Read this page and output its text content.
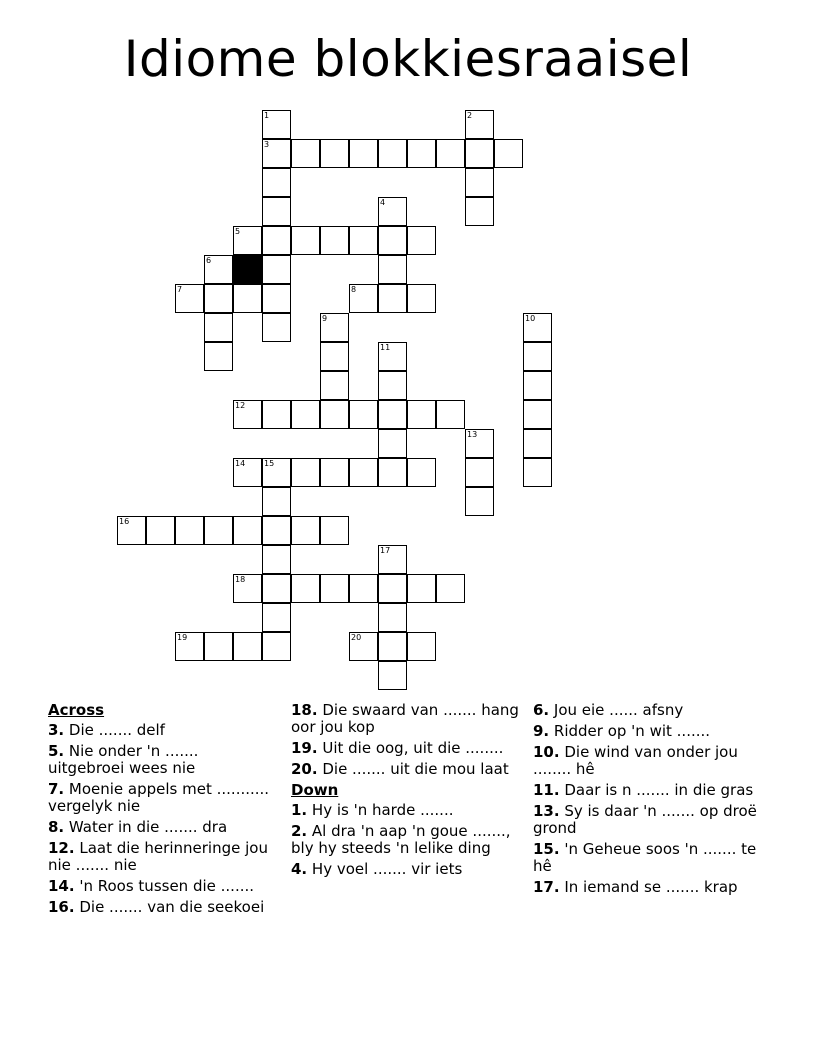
Idiome blokkiesraaisel
1	2
3
4
5
6
7	8
9	10
11
12
13
14 15
16
17
18
19	20
Across
3. Die ....... delf
5. Nie onder 'n ....... uitgebroei wees nie
7. Moenie appels met ........... vergelyk nie
8. Water in die ....... dra
12. Laat die herinneringe jou nie ....... nie
14. 'n Roos tussen die .......
16. Die ....... van die seekoei
18. Die swaard van ....... hang oor jou kop
19. Uit die oog, uit die ........
20. Die ....... uit die mou laat
Down
1. Hy is 'n harde .......
2. Al dra 'n aap 'n goue ......., bly hy steeds 'n lelike ding
4. Hy voel ....... vir iets
6. Jou eie ...... afsny
9. Ridder op 'n wit .......
10. Die wind van onder jou ........ hê
11. Daar is n ....... in die gras
13. Sy is daar 'n ....... op droë grond
15. 'n Geheue soos 'n ....... te hê
17. In iemand se ....... krap
